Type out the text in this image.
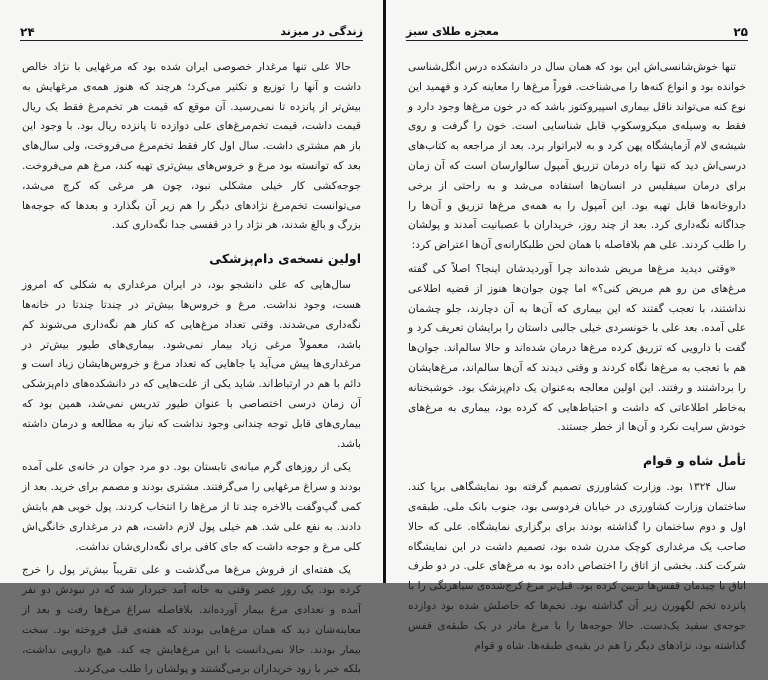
۲۴	زندگی در میزند

حالا علی تنها مرغدار خصوصی ایران شده بود که مرغهایی با نژاد خالص داشت و آنها را توزیع و تکثیر می‌کرد؛ هرچند که هنوز همه‌ی مرغهایش به بیش‌تر از پانزده تا نمی‌رسید. آن موقع که قیمت هر تخم‌مرغ فقط یک ریال قیمت داشت، قیمت تخم‌مرغ‌های علی دوازده تا پانزده ریال بود. با وجود این باز هم مشتری داشت. سال اول کار فقط تخم‌مرغ می‌فروخت، ولی سال‌های بعد که توانسته بود مرغ و خروس‌های بیش‌تری تهیه کند، مرغ هم می‌فروخت. جوجه‌کشی کار خیلی مشکلی نبود، چون هر مرغی که کرچ می‌شد، می‌توانست تخم‌مرغ نژادهای دیگر را هم زیر آن بگذارد و بعدها که جوجه‌ها بزرگ و بالغ شدند، هر نژاد را در قفسی جدا نگه‌داری کند.

اولین نسخه‌ی دام‌پزشکی

سال‌هایی که علی دانشجو بود، در ایران مرغداری به شکلی که امروز هست، وجود نداشت. مرغ و خروس‌ها بیش‌تر در چندتا چندتا در خانه‌ها نگه‌داری می‌شدند. وقتی تعداد مرغ‌هایی که کنار هم نگه‌داری می‌شوند کم باشد، معمولاً مرغی زیاد بیمار نمی‌شود. بیماری‌های طیور بیش‌تر در مرغداری‌ها پیش می‌آید یا جاهایی که تعداد مرغ و خروس‌هایشان زیاد است و دائم با هم در ارتباط‌اند. شاید یکی از علت‌هایی که در دانشکده‌های دام‌پزشکی آن زمان درسی اختصاصی با عنوان طیور تدریس نمی‌شد، همین بود که بیماری‌های قابل توجه چندانی وجود نداشت که نیاز به مطالعه و درمان داشته باشد.

یکی از روزهای گرم میانه‌ی تابستان بود. دو مرد جوان در خانه‌ی علی آمده بودند و سراغ مرغهایی را می‌گرفتند. مشتری بودند و مصمم برای خرید. بعد از کمی گپ‌وگفت بالاخره چند تا از مرغ‌ها را انتخاب کردند. پول خوبی هم بابتش دادند. به نفع علی شد. هم خیلی پول لازم داشت، هم در مرغداری خانگی‌اش کلی مرغ و جوجه داشت که جای کافی برای نگه‌داری‌شان نداشت.

یک هفته‌ای از فروش مرغ‌ها می‌گذشت و علی تقریباً بیش‌تر پول را خرج کرده بود. یک روز عصر وقتی به خانه آمد خبردار شد که در نبودش دو نفر آمده و تعدادی مرغ بیمار آورده‌اند. بلافاصله سراغ مرغ‌ها رفت و بعد از معاینه‌شان دید که همان مرغ‌هایی بودند که هفته‌ی قبل فروخته بود. سخت بیمار بودند. حالا نمی‌دانست با این مرغ‌هایش چه کند. هیچ دارویی نداشت، بلکه خبر با زود خریداران برمی‌گشتند و پولشان را طلب می‌کردند.

معجزه طلای سبز	۲۵

تنها خوش‌شانسی‌اش این بود که همان سال در دانشکده درس انگل‌شناسی خوانده بود و انواع کنه‌ها را می‌شناخت. فوراً مرغ‌ها را معاینه کرد و فهمید این نوع کنه می‌تواند ناقل بیماری اسپیروکتوز باشد که در خون مرغ‌ها وجود دارد و فقط به وسیله‌ی میکروسکوپ قابل شناسایی است. خون را گرفت و روی شیشه‌ی لام آزمایشگاه پهن کرد و به لابراتوار برد. بعد از مراجعه به کتاب‌های درسی‌اش دید که تنها راه درمان تزریق آمپول سالوارسان است که آن زمان برای درمان سیفلیس در انسان‌ها استفاده می‌شد و به راحتی از برخی داروخانه‌ها قابل تهیه بود. این آمپول را به همه‌ی مرغ‌ها تزریق و آن‌ها را جداگانه نگه‌داری کرد. بعد از چند روز، خریداران با عصبانیت آمدند و پولشان را طلب کردند. علی هم بلافاصله با همان لحن طلبکارانه‌ی آن‌ها اعتراض کرد:

«وقتی دیدید مرغ‌ها مریض شده‌اند چرا آوردیدشان اینجا؟ اصلاً کی گفته مرغ‌های من رو هم مریض کنی؟» اما چون جوان‌ها هنوز از قضیه اطلاعی نداشتند، با تعجب گفتند که این بیماری که آن‌ها به آن دچارند، جلو چشمان علی آمده. بعد علی با خونسردی خیلی جالبی داستان را برایشان تعریف کرد و گفت با دارویی که تزریق کرده مرغ‌ها درمان شده‌اند و حالا سالم‌اند. جوان‌ها هم با تعجب به مرغ‌ها نگاه کردند و وقتی دیدند که آن‌ها سالم‌اند، مرغ‌هایشان را برداشتند و رفتند. این اولین معالجه به‌عنوان یک دام‌پزشک بود. خوشبختانه به‌خاطر اطلاعاتی که داشت و احتیاط‌هایی که کرده بود، بیماری به مرغ‌های خودش سرایت نکرد و آن‌ها از خطر جستند.

تأمل شاه و قوام

سال ۱۳۲۴ بود. وزارت کشاورزی تصمیم گرفته بود نمایشگاهی برپا کند. ساختمان وزارت کشاورزی در خیابان فردوسی بود، جنوب بانک ملی. طبقه‌ی اول و دوم ساختمان را گذاشته بودند برای برگزاری نمایشگاه. علی که حالا صاحب یک مرغداری کوچک مدرن شده بود، تصمیم داشت در این نمایشگاه شرکت کند. بخشی از اتاق را اختصاص داده بود به مرغ‌های علی. در دو طرف اتاق با چیدمان قفس‌ها تزیین کرده بود. قبل‌تر مرغ کرچ‌شده‌ی سیاهرنگی را با پانزده تخم لگهورن زیر آن گذاشته بود. تخم‌ها که حاصلش شده بود دوازده جوجه‌ی سفید یک‌دست. حالا جوجه‌ها را با مرغ مادر در یک طبقه‌ی قفس گذاشته بود، نژادهای دیگر را هم در بقیه‌ی طبقه‌ها. شاه و قوام
